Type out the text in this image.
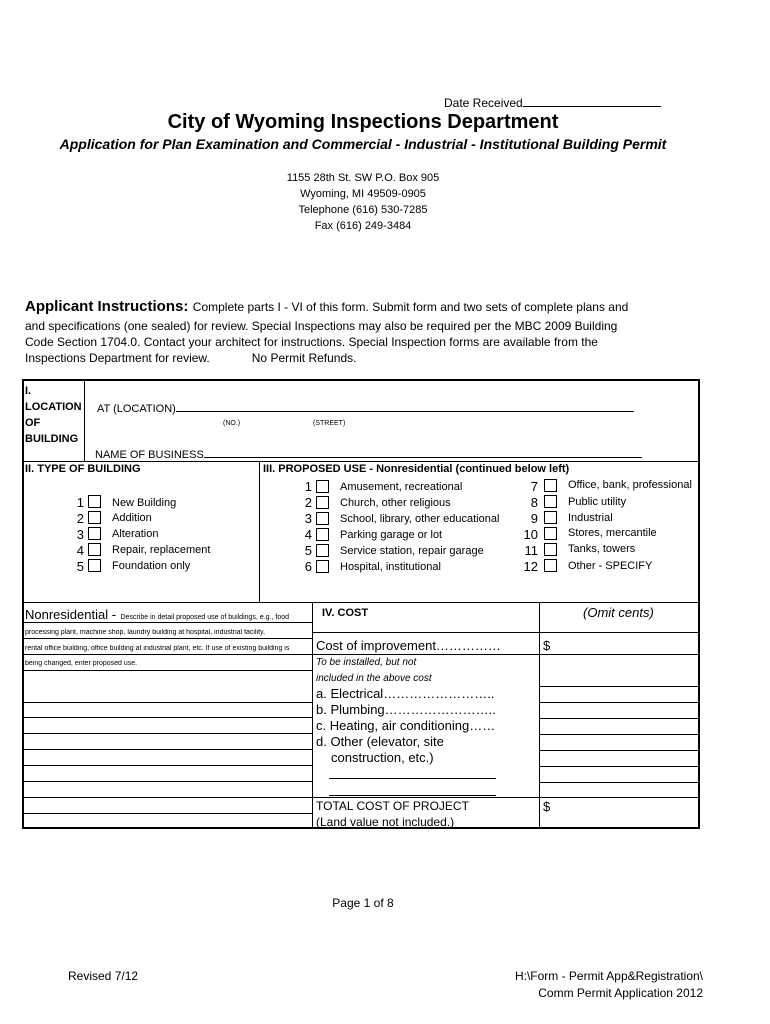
Date Received
City of Wyoming Inspections Department
Application for Plan Examination and Commercial - Industrial - Institutional Building Permit
1155 28th St. SW P.O. Box 905
Wyoming, MI 49509-0905
Telephone (616) 530-7285
Fax (616) 249-3484
Applicant Instructions: Complete parts I - VI of this form. Submit form and two sets of complete plans and
and specifications (one sealed) for review. Special Inspections may also be required per the MBC 2009 Building
Code Section 1704.0. Contact your architect for instructions. Special Inspection forms are available from the
Inspections Department for review.	No Permit Refunds.
I.
LOCATION
OF
BUILDING
AT (LOCATION)
(NO.)	(STREET)
NAME OF BUSINESS
II. TYPE OF BUILDING
1	New Building
2	Addition
3	Alteration
4	Repair, replacement
5	Foundation only
III. PROPOSED USE - Nonresidential (continued below left)
1	Amusement, recreational
2	Church, other religious
3	School, library, other educational
4	Parking garage or lot
5	Service station, repair garage
6	Hospital, institutional
7	Office, bank, professional
8	Public utility
9	Industrial
10	Stores, mercantile
11	Tanks, towers
12	Other - SPECIFY
Nonresidential - Describe in detail proposed use of buildings, e.g., food
processing plant, machine shop, laundry building at hospital, industrial facility,
rental office building, office building at industrial plant, etc. If use of existing building is
being changed, enter proposed use.
IV. COST	(Omit cents)
Cost of improvement……………	$
To be installed, but not
included in the above cost
a. Electrical……………………..
b. Plumbing……………………..
c. Heating, air conditioning……
d. Other (elevator, site
construction, etc.)
TOTAL COST OF PROJECT
(Land value not included.)
$
Page 1 of 8
Revised 7/12	H:\Form - Permit App&Registration\
Comm Permit Application 2012
